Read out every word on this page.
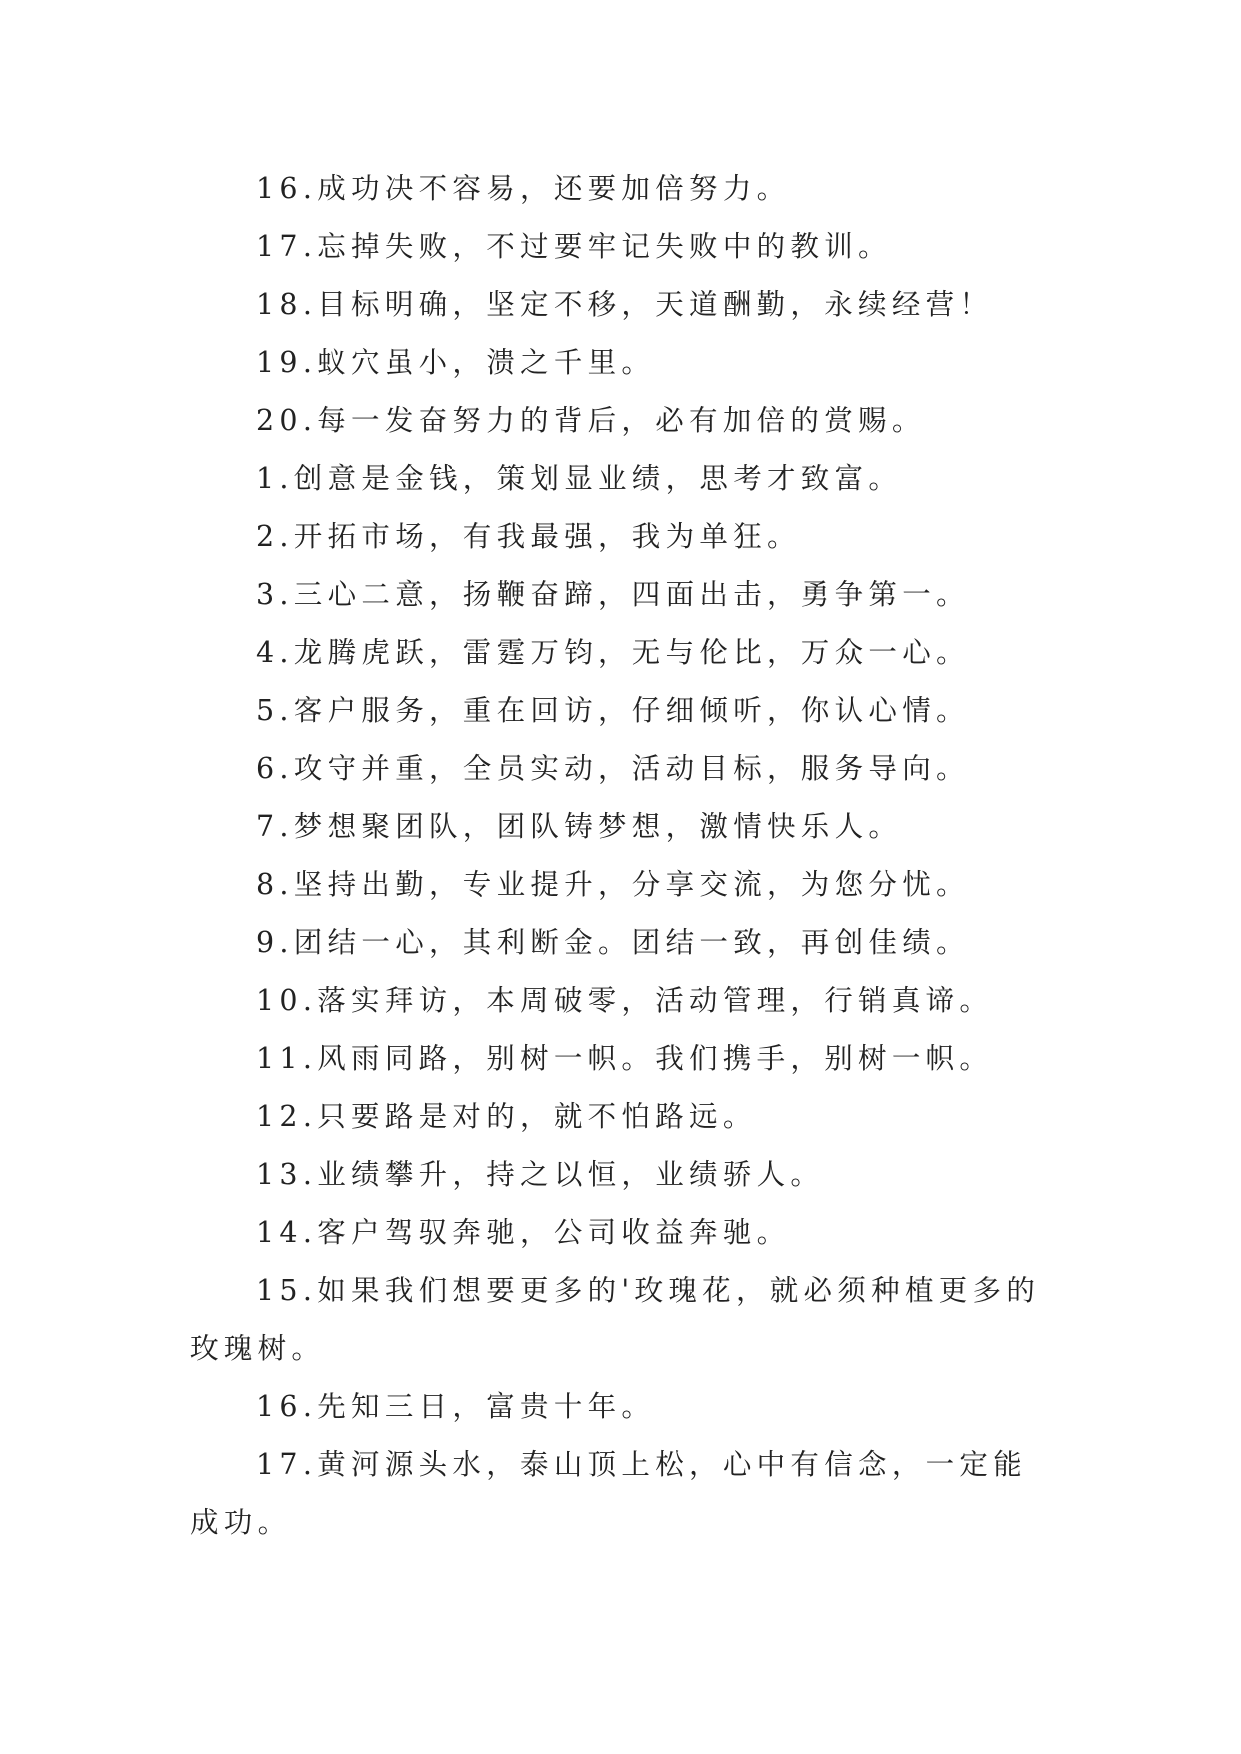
16.成功决不容易，还要加倍努力。

17.忘掉失败，不过要牢记失败中的教训。

18.目标明确，坚定不移，天道酬勤，永续经营！

19.蚁穴虽小，溃之千里。

20.每一发奋努力的背后，必有加倍的赏赐。

1.创意是金钱，策划显业绩，思考才致富。

2.开拓市场，有我最强，我为单狂。

3.三心二意，扬鞭奋蹄，四面出击，勇争第一。

4.龙腾虎跃，雷霆万钧，无与伦比，万众一心。

5.客户服务，重在回访，仔细倾听，你认心情。

6.攻守并重，全员实动，活动目标，服务导向。

7.梦想聚团队，团队铸梦想，激情快乐人。

8.坚持出勤，专业提升，分享交流，为您分忧。

9.团结一心，其利断金。团结一致，再创佳绩。

10.落实拜访，本周破零，活动管理，行销真谛。

11.风雨同路，别树一帜。我们携手，别树一帜。

12.只要路是对的，就不怕路远。

13.业绩攀升，持之以恒，业绩骄人。

14.客户驾驭奔驰，公司收益奔驰。

15.如果我们想要更多的'玫瑰花，就必须种植更多的玫瑰树。

16.先知三日，富贵十年。

17.黄河源头水，泰山顶上松，心中有信念，一定能成功。
